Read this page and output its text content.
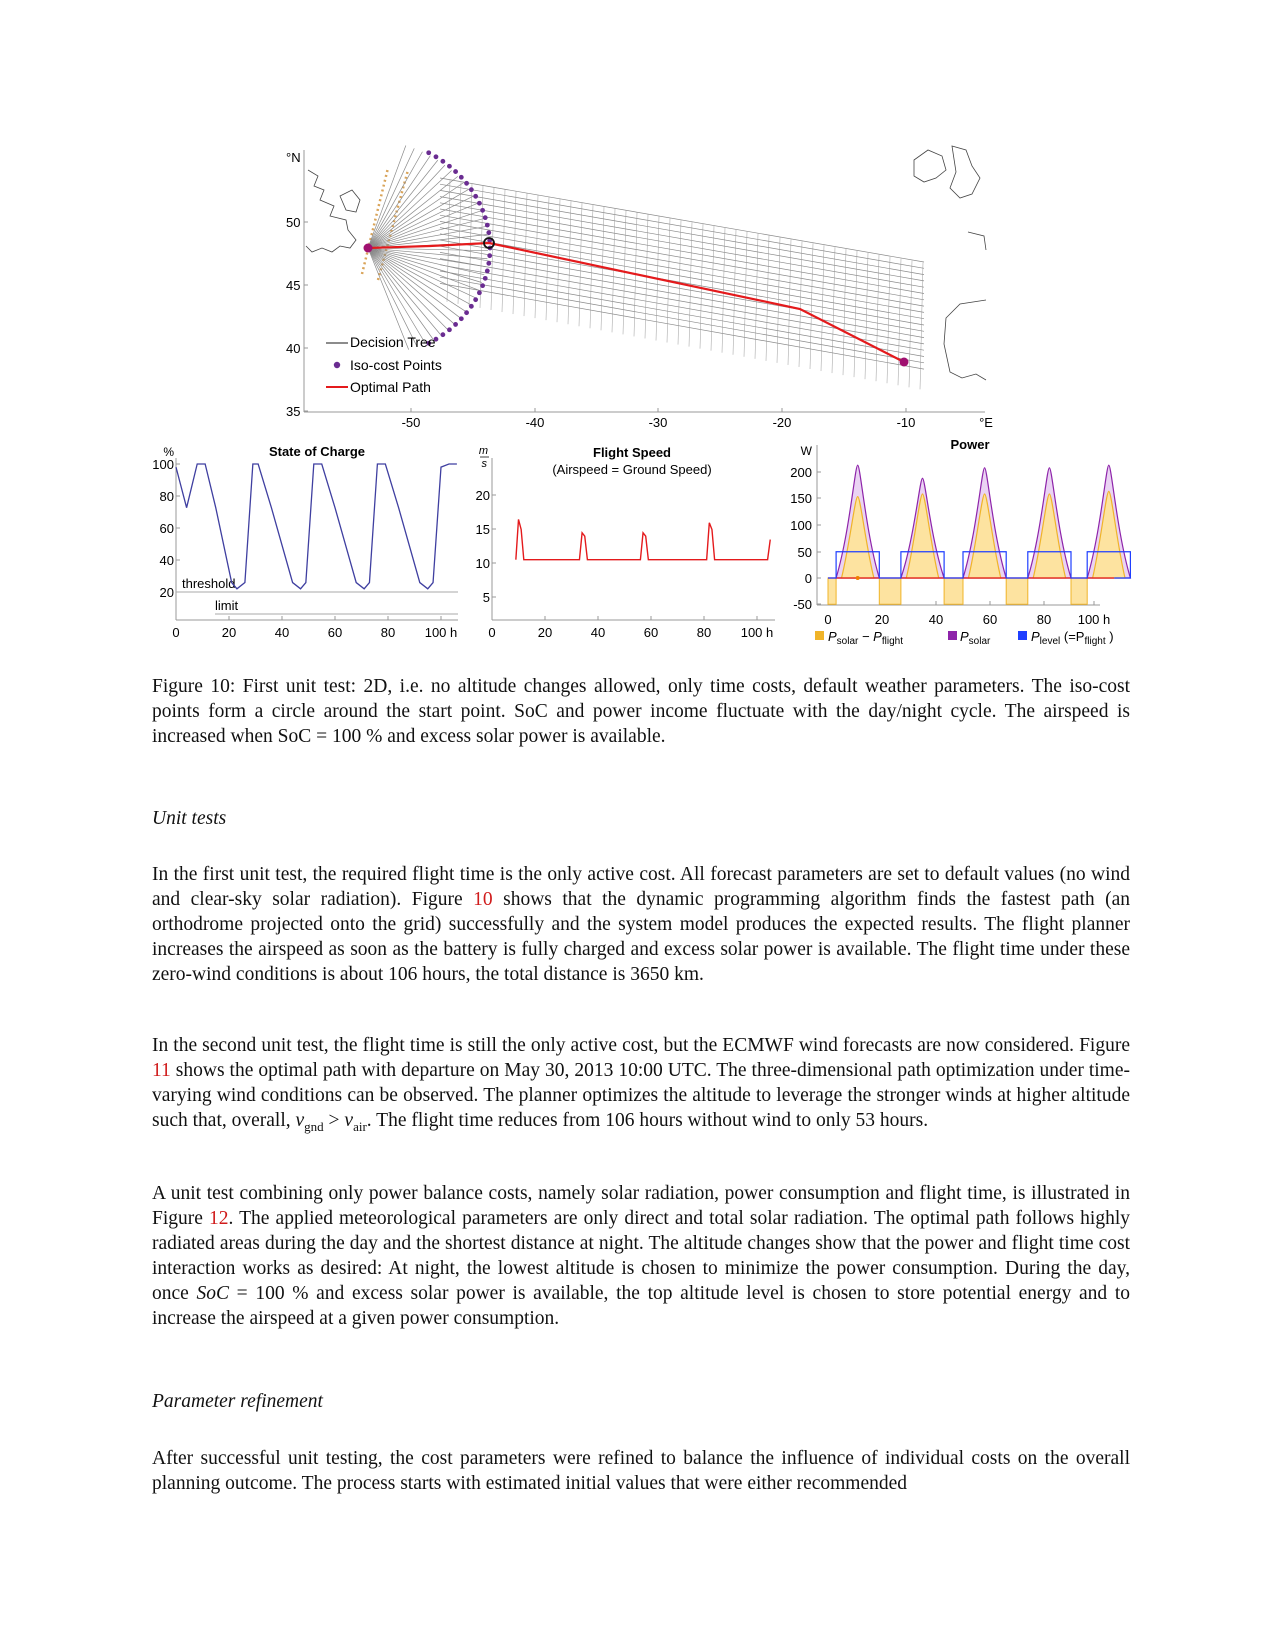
°N
50
45
40
35
-50	-40	-30	-20	-10	°E
Decision Tree
Iso-cost Points
Optimal Path
%
100
80
60
40
20
0	20	40	60	80 100 h
State of Charge
threshold
limit
m
s
20
15
10
5
0	20	40	60	80 100 h
Flight Speed
(Airspeed = Ground Speed)
W
200
150
100
50
0
-50
0	20	40	60	80 100 h
Power
$P_{solar} - P_{flight}$	$P_{solar}$	$P_{level}$ ($=P_{flight}$ )
Figure 10: First unit test: 2D, i.e. no altitude changes allowed, only time costs, default weather parameters. The iso-cost points form a circle around the start point. SoC and power income fluctuate with the day/night cycle. The airspeed is increased when SoC = 100 % and excess solar power is available.
Unit tests

In the first unit test, the required flight time is the only active cost. All forecast parameters are set to default values (no wind and clear-sky solar radiation). Figure 10 shows that the dynamic programming algorithm finds the fastest path (an orthodrome projected onto the grid) successfully and the system model produces the expected results. The flight planner increases the airspeed as soon as the battery is fully charged and excess solar power is available. The flight time under these zero-wind conditions is about 106 hours, the total distance is 3650 km.

In the second unit test, the flight time is still the only active cost, but the ECMWF wind forecasts are now considered. Figure 11 shows the optimal path with departure on May 30, 2013 10:00 UTC. The three-dimensional path optimization under time-varying wind conditions can be observed. The planner optimizes the altitude to leverage the stronger winds at higher altitude such that, overall, $v_{gnd} > v_{air}$. The flight time reduces from 106 hours without wind to only 53 hours.

A unit test combining only power balance costs, namely solar radiation, power consumption and flight time, is illustrated in Figure 12. The applied meteorological parameters are only direct and total solar radiation. The optimal path follows highly radiated areas during the day and the shortest distance at night. The altitude changes show that the power and flight time cost interaction works as desired: At night, the lowest altitude is chosen to minimize the power consumption. During the day, once SoC = 100 % and excess solar power is available, the top altitude level is chosen to store potential energy and to increase the airspeed at a given power consumption.

Parameter refinement

After successful unit testing, the cost parameters were refined to balance the influence of individual costs on the overall planning outcome. The process starts with estimated initial values that were either recommended
